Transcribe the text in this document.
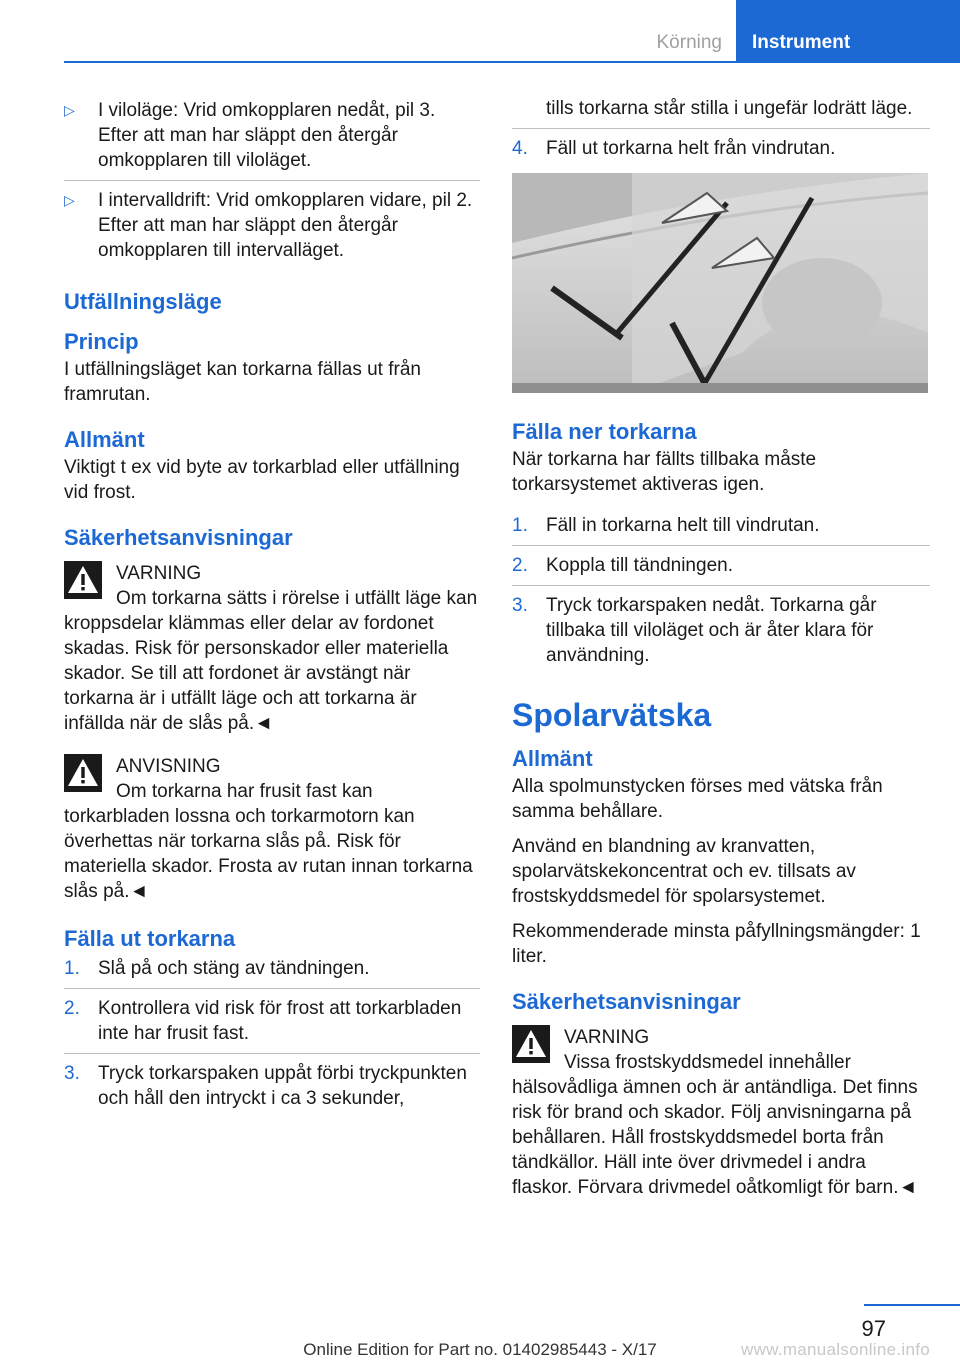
Körning	Instrument
▷ I viloläge: Vrid omkopplaren nedåt, pil 3. Efter att man har släppt den återgår omkopplaren till viloläget.
▷ I intervalldrift: Vrid omkopplaren vidare, pil 2. Efter att man har släppt den återgår omkopplaren till intervalläget.
Utfällningsläge
Princip

I utfällningsläget kan torkarna fällas ut från framrutan.

Allmänt

Viktigt t ex vid byte av torkarblad eller utfällning vid frost.

Säkerhetsanvisningar
VARNING
Om torkarna sätts i rörelse i utfällt läge kan kroppsdelar klämmas eller delar av fordonet skadas. Risk för personskador eller materiella skador. Se till att fordonet är avstängt när torkarna är i utfällt läge och att torkarna är infällda när de slås på.◄
ANVISNING
Om torkarna har frusit fast kan torkarbladen lossna och torkarmotorn kan överhettas när torkarna slås på. Risk för materiella skador. Frosta av rutan innan torkarna slås på.◄
Fälla ut torkarna
1. Slå på och stäng av tändningen.
2. Kontrollera vid risk för frost att torkarbladen inte har frusit fast.
3. Tryck torkarspaken uppåt förbi tryckpunkten och håll den intryckt i ca 3 sekunder,

tills torkarna står stilla i ungefär lodrätt läge.

4. Fäll ut torkarna helt från vindrutan.
Fälla ner torkarna

När torkarna har fällts tillbaka måste torkarsystemet aktiveras igen.

1. Fäll in torkarna helt till vindrutan.
2. Koppla till tändningen.
3. Tryck torkarspaken nedåt. Torkarna går tillbaka till viloläget och är åter klara för användning.
Spolarvätska
Allmänt

Alla spolmunstycken förses med vätska från samma behållare.

Använd en blandning av kranvatten, spolarvätskekoncentrat och ev. tillsats av frostskyddsmedel för spolarsystemet.

Rekommenderade minsta påfyllningsmängder: 1 liter.

Säkerhetsanvisningar
VARNING
Vissa frostskyddsmedel innehåller hälsovådliga ämnen och är antändliga. Det finns risk för brand och skador. Följ anvisningarna på behållaren. Håll frostskyddsmedel borta från tändkällor. Häll inte över drivmedel i andra flaskor. Förvara drivmedel oåtkomligt för barn.◄
97
Online Edition for Part no. 01402985443 - X/17	www.manualsonline.info
